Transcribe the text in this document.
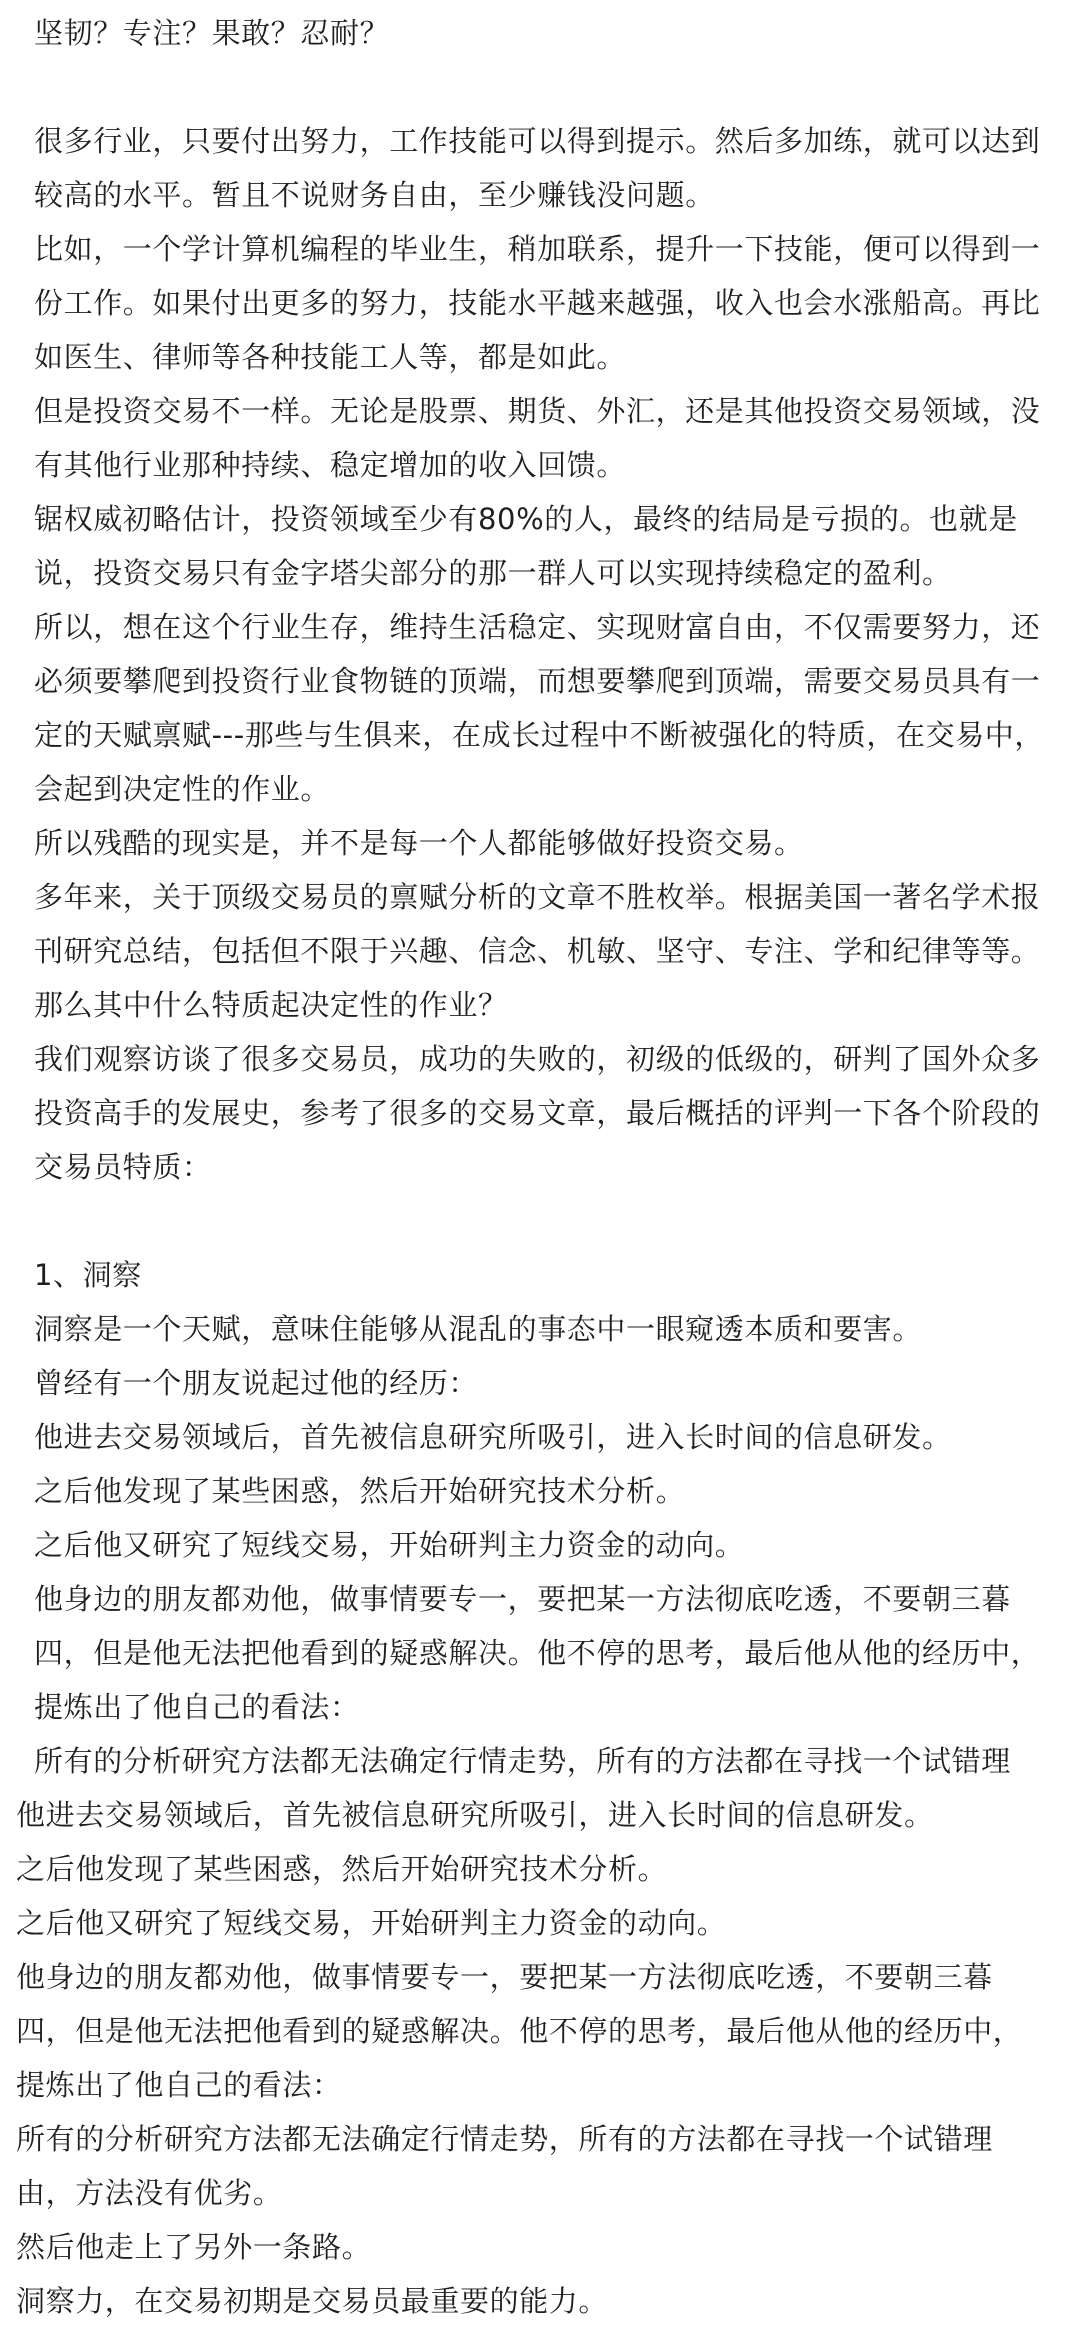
坚韧？专注？果敢？忍耐？

很多行业，只要付出努力，工作技能可以得到提示。然后多加练，就可以达到较高的水平。暂且不说财务自由，至少赚钱没问题。

比如，一个学计算机编程的毕业生，稍加联系，提升一下技能，便可以得到一份工作。如果付出更多的努力，技能水平越来越强，收入也会水涨船高。再比如医生、律师等各种技能工人等，都是如此。

但是投资交易不一样。无论是股票、期货、外汇，还是其他投资交易领域，没有其他行业那种持续、稳定增加的收入回馈。

锯权威初略估计，投资领域至少有80%的人，最终的结局是亏损的。也就是说，投资交易只有金字塔尖部分的那一群人可以实现持续稳定的盈利。

所以，想在这个行业生存，维持生活稳定、实现财富自由，不仅需要努力，还必须要攀爬到投资行业食物链的顶端，而想要攀爬到顶端，需要交易员具有一定的天赋禀赋---那些与生俱来，在成长过程中不断被强化的特质，在交易中，会起到决定性的作业。

所以残酷的现实是，并不是每一个人都能够做好投资交易。

多年来，关于顶级交易员的禀赋分析的文章不胜枚举。根据美国一著名学术报刊研究总结，包括但不限于兴趣、信念、机敏、坚守、专注、学和纪律等等。

那么其中什么特质起决定性的作业？

我们观察访谈了很多交易员，成功的失败的，初级的低级的，研判了国外众多投资高手的发展史，参考了很多的交易文章，最后概括的评判一下各个阶段的交易员特质：

1、洞察

洞察是一个天赋，意味住能够从混乱的事态中一眼窥透本质和要害。

曾经有一个朋友说起过他的经历：

他进去交易领域后，首先被信息研究所吸引，进入长时间的信息研发。

之后他发现了某些困惑，然后开始研究技术分析。

之后他又研究了短线交易，开始研判主力资金的动向。

他身边的朋友都劝他，做事情要专一，要把某一方法彻底吃透，不要朝三暮四，但是他无法把他看到的疑惑解决。他不停的思考，最后他从他的经历中，提炼出了他自己的看法：

所有的分析研究方法都无法确定行情走势，所有的方法都在寻找一个试错理

他进去交易领域后，首先被信息研究所吸引，进入长时间的信息研发。

之后他发现了某些困惑，然后开始研究技术分析。

之后他又研究了短线交易，开始研判主力资金的动向。

他身边的朋友都劝他，做事情要专一，要把某一方法彻底吃透，不要朝三暮四，但是他无法把他看到的疑惑解决。他不停的思考，最后他从他的经历中，提炼出了他自己的看法：

所有的分析研究方法都无法确定行情走势，所有的方法都在寻找一个试错理由，方法没有优劣。

然后他走上了另外一条路。

洞察力，在交易初期是交易员最重要的能力。
